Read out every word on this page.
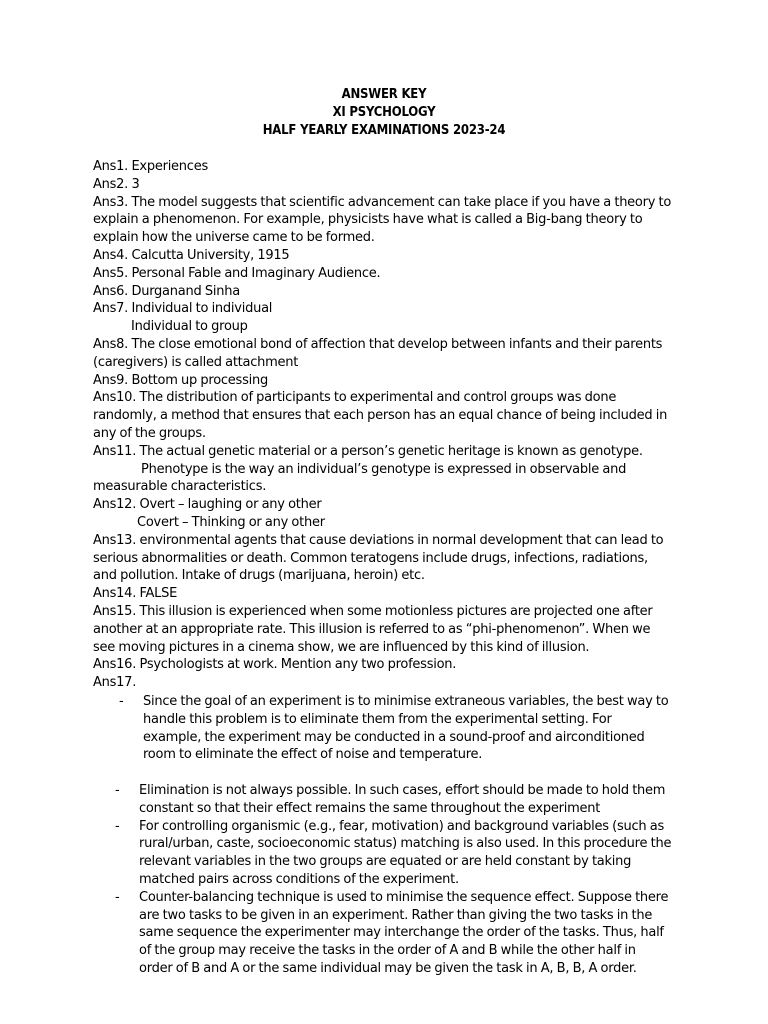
ANSWER KEY
XI PSYCHOLOGY
HALF YEARLY EXAMINATIONS 2023-24
Ans1. Experiences
Ans2. 3
Ans3. The model suggests that scientific advancement can take place if you have a theory to
explain a phenomenon. For example, physicists have what is called a Big-bang theory to
explain how the universe came to be formed.
Ans4. Calcutta University, 1915
Ans5. Personal Fable and Imaginary Audience.
Ans6. Durganand Sinha
Ans7. Individual to individual
Individual to group
Ans8. The close emotional bond of affection that develop between infants and their parents
(caregivers) is called attachment
Ans9. Bottom up processing
Ans10. The distribution of participants to experimental and control groups was done
randomly, a method that ensures that each person has an equal chance of being included in
any of the groups.
Ans11. The actual genetic material or a person’s genetic heritage is known as genotype.
Phenotype is the way an individual’s genotype is expressed in observable and
measurable characteristics.
Ans12. Overt – laughing or any other
Covert – Thinking or any other
Ans13. environmental agents that cause deviations in normal development that can lead to
serious abnormalities or death. Common teratogens include drugs, infections, radiations,
and pollution. Intake of drugs (marijuana, heroin) etc.
Ans14. FALSE
Ans15. This illusion is experienced when some motionless pictures are projected one after
another at an appropriate rate. This illusion is referred to as “phi-phenomenon”. When we
see moving pictures in a cinema show, we are influenced by this kind of illusion.
Ans16. Psychologists at work. Mention any two profession.
Ans17.
- Since the goal of an experiment is to minimise extraneous variables, the best way to
handle this problem is to eliminate them from the experimental setting. For
example, the experiment may be conducted in a sound-proof and airconditioned
room to eliminate the effect of noise and temperature.
- Elimination is not always possible. In such cases, effort should be made to hold them
constant so that their effect remains the same throughout the experiment
- For controlling organismic (e.g., fear, motivation) and background variables (such as
rural/urban, caste, socioeconomic status) matching is also used. In this procedure the
relevant variables in the two groups are equated or are held constant by taking
matched pairs across conditions of the experiment.
- Counter-balancing technique is used to minimise the sequence effect. Suppose there
are two tasks to be given in an experiment. Rather than giving the two tasks in the
same sequence the experimenter may interchange the order of the tasks. Thus, half
of the group may receive the tasks in the order of A and B while the other half in
order of B and A or the same individual may be given the task in A, B, B, A order.
